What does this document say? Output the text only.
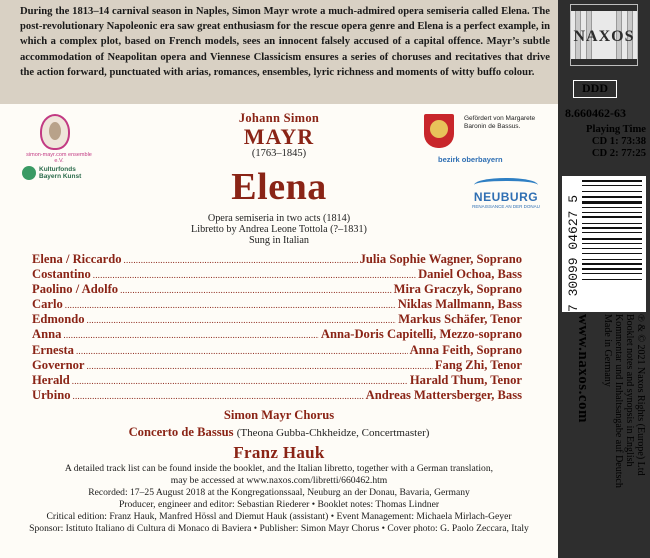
During the 1813–14 carnival season in Naples, Simon Mayr wrote a much-admired opera semiseria called Elena. The post-revolutionary Napoleonic era saw great enthusiasm for the rescue opera genre and Elena is a perfect example, in which a complex plot, based on French models, sees an innocent falsely accused of a capital offence. Mayr’s subtle accommodation of Neapolitan opera and Viennese Classicism ensures a series of choruses and recitatives that drive the action forward, punctuated with arias, romances, ensembles, lyric richness and moments of witty buffo colour.

simon-mayr.com ensemble e.V.
Kulturfonds Bayern Kunst
Johann Simon
MAYR
(1763–1845)
Elena
Opera semiseria in two acts (1814)
Libretto by Andrea Leone Tottola (?–1831)
Sung in Italian
Gefördert von Margarete Baronin de Bassus.
bezirk oberbayern
NEUBURG
RENAISSANCE AN DER DONAU
Elena / Riccardo .....	Julia Sophie Wagner, Soprano
Costantino .....	Daniel Ochoa, Bass
Paolino / Adolfo .....	Mira Graczyk, Soprano
Carlo .....	Niklas Mallmann, Bass
Edmondo .....	Markus Schäfer, Tenor
Anna .....	Anna-Doris Capitelli, Mezzo-soprano
Ernesta .....	Anna Feith, Soprano
Governor .....	Fang Zhi, Tenor
Herald .....	Harald Thum, Tenor
Urbino .....	Andreas Mattersberger, Bass
Simon Mayr Chorus
Concerto de Bassus (Theona Gubba-Chkheidze, Concertmaster)
Franz Hauk
A detailed track list can be found inside the booklet, and the Italian libretto, together with a German translation,
may be accessed at www.naxos.com/libretti/660462.htm
Recorded: 17–25 August 2018 at the Kongregationssaal, Neuburg an der Donau, Bavaria, Germany
Producer, engineer and editor: Sebastian Riederer • Booklet notes: Thomas Lindner
Critical edition: Franz Hauk, Manfred Hössl and Diemut Hauk (assistant) • Event Management: Michaela Mirlach-Geyer
Sponsor: Istituto Italiano di Cultura di Monaco di Baviera • Publisher: Simon Mayr Chorus • Cover photo: G. Paolo Zeccara, Italy
NAXOS
DDD
8.660462-63
Playing Time
CD 1: 73:38
CD 2: 77:25
7 30099 04627 5
www.naxos.com	℗ & © 2021 Naxos Rights (Europe) Ltd
Booklet notes and synopsis in English
Kommentar und Inhaltsangabe auf Deutsch
Made in Germany
